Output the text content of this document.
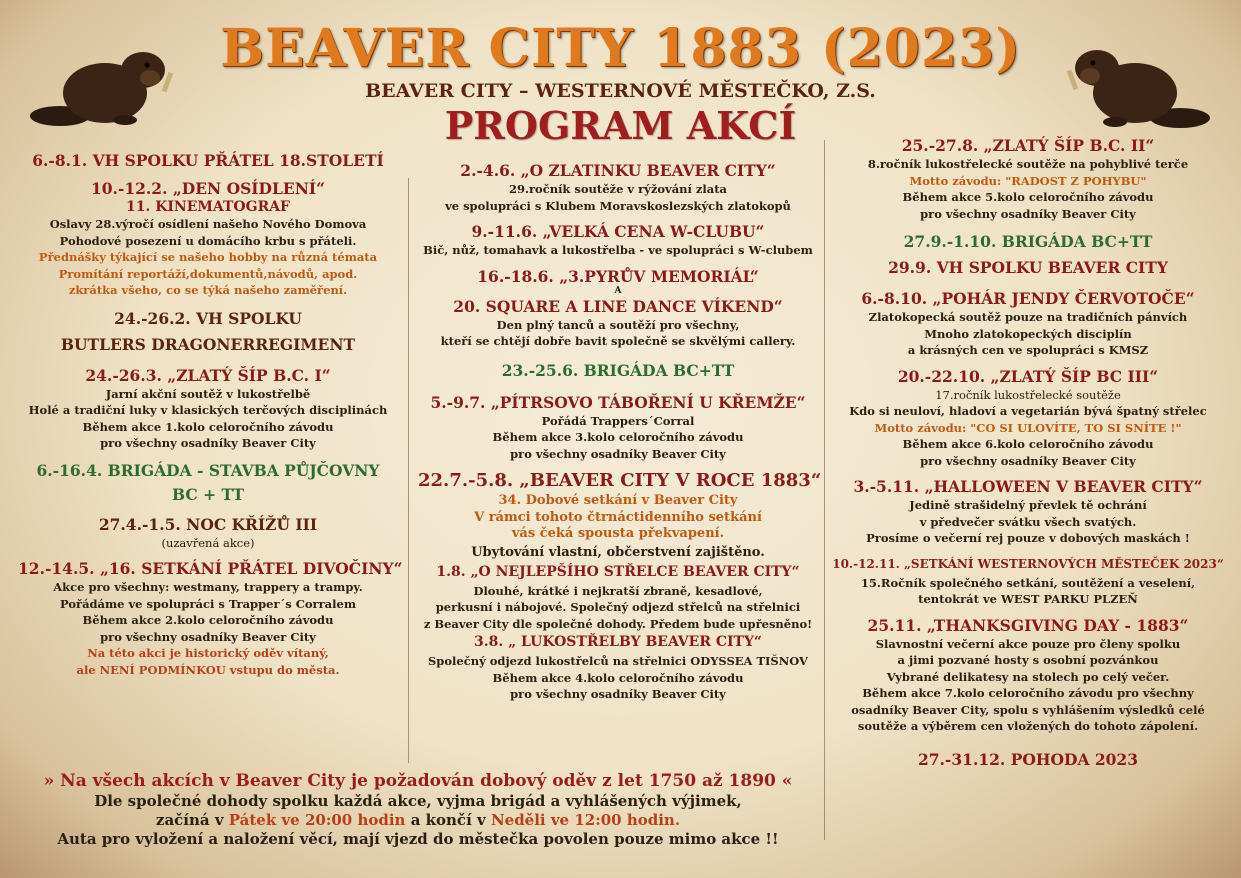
BEAVER CITY 1883 (2023)
BEAVER CITY – WESTERNOVÉ MĚSTEČKO, Z.S.
PROGRAM AKCÍ
6.-8.1. VH SPOLKU PŘÁTEL 18.STOLETÍ
10.-12.2. „DEN OSÍDLENÍ“
11. KINEMATOGRAF
Oslavy 28.výročí osídlení našeho Nového Domova
Pohodové posezení u domácího krbu s přáteli.
Přednášky týkající se našeho hobby na různá témata
Promítání reportáží,dokumentů,návodů, apod.
zkrátka všeho, co se týká našeho zaměření.
24.-26.2. VH SPOLKU
BUTLERS DRAGONERREGIMENT
24.-26.3. „ZLATÝ ŠÍP B.C. I“
Jarní akční soutěž v lukostřelbě
Holé a tradiční luky v klasických terčových disciplinách
Během akce 1.kolo celoročního závodu
pro všechny osadníky Beaver City
6.-16.4. BRIGÁDA - STAVBA PŮJČOVNY
BC + TT
27.4.-1.5. NOC KŘÍŽŮ III
(uzavřená akce)
12.-14.5. „16. SETKÁNÍ PŘÁTEL DIVOČINY“
Akce pro všechny: westmany, trappery a trampy.
Pořádáme ve spolupráci s Trapper´s Corralem
Během akce 2.kolo celoročního závodu
pro všechny osadníky Beaver City
Na této akci je historický oděv vítaný,
ale NENÍ PODMÍNKOU vstupu do města.
2.-4.6. „O ZLATINKU BEAVER CITY“
29.ročník soutěže v rýžování zlata
ve spolupráci s Klubem Moravskoslezských zlatokopů
9.-11.6. „VELKÁ CENA W-CLUBU“
Bič, nůž, tomahavk a lukostřelba - ve spolupráci s W-clubem
16.-18.6. „3.PYRŮV MEMORIÁL“
A
20. SQUARE A LINE DANCE VÍKEND“
Den plný tanců a soutěží pro všechny,
kteří se chtějí dobře bavit společně se skvělými callery.
23.-25.6. BRIGÁDA BC+TT
5.-9.7. „PÍTRSOVO TÁBOŘENÍ U KŘEMŽE“
Pořádá Trappers´Corral
Během akce 3.kolo celoročního závodu
pro všechny osadníky Beaver City
22.7.-5.8. „BEAVER CITY V ROCE 1883“
34. Dobové setkání v Beaver City
V rámci tohoto čtrnáctidenního setkání
vás čeká spousta překvapení.
Ubytování vlastní, občerstvení zajištěno.
1.8. „O NEJLEPŠÍHO STŘELCE BEAVER CITY“
Dlouhé, krátké i nejkratší zbraně, kesadlové,
perkusní i nábojové. Společný odjezd střelců na střelnici
z Beaver City dle společné dohody. Předem bude upřesněno!
3.8. „ LUKOSTŘELBY BEAVER CITY“
Společný odjezd lukostřelců na střelnici ODYSSEA TIŠNOV
Během akce 4.kolo celoročního závodu
pro všechny osadníky Beaver City
25.-27.8. „ZLATÝ ŠÍP B.C. II“
8.ročník lukostřelecké soutěže na pohyblivé terče
Motto závodu: "RADOST Z POHYBU"
Během akce 5.kolo celoročního závodu
pro všechny osadníky Beaver City
27.9.-1.10. BRIGÁDA BC+TT
29.9. VH SPOLKU BEAVER CITY
6.-8.10. „POHÁR JENDY ČERVOTOČE“
Zlatokopecká soutěž pouze na tradičních pánvích
Mnoho zlatokopeckých disciplín
a krásných cen ve spolupráci s KMSZ
20.-22.10. „ZLATÝ ŠÍP BC III“
17.ročník lukostřelecké soutěže
Kdo si neuloví, hladoví a vegetarián bývá špatný střelec
Motto závodu: "CO SI ULOVÍTE, TO SI SNÍTE !"
Během akce 6.kolo celoročního závodu
pro všechny osadníky Beaver City
3.-5.11. „HALLOWEEN V BEAVER CITY“
Jedině strašidelný převlek tě ochrání
v předvečer svátku všech svatých.
Prosíme o večerní rej pouze v dobových maskách !
10.-12.11. „SETKÁNÍ WESTERNOVÝCH MĚSTEČEK 2023“
15.Ročník společného setkání, soutěžení a veselení,
tentokrát ve WEST PARKU PLZEŇ
25.11. „THANKSGIVING DAY - 1883“
Slavnostní večerní akce pouze pro členy spolku
a jimi pozvané hosty s osobní pozvánkou
Vybrané delikatesy na stolech po celý večer.
Během akce 7.kolo celoročního závodu pro všechny
osadníky Beaver City, spolu s vyhlášením výsledků celé
soutěže a výběrem cen vložených do tohoto zápolení.
27.-31.12. POHODA 2023
» Na všech akcích v Beaver City je požadován dobový oděv z let 1750 až 1890 «
Dle společné dohody spolku každá akce, vyjma brigád a vyhlášených výjimek,
začíná v Pátek ve 20:00 hodin a končí v Neděli ve 12:00 hodin.
Auta pro vyložení a naložení věcí, mají vjezd do městečka povolen pouze mimo akce !!
